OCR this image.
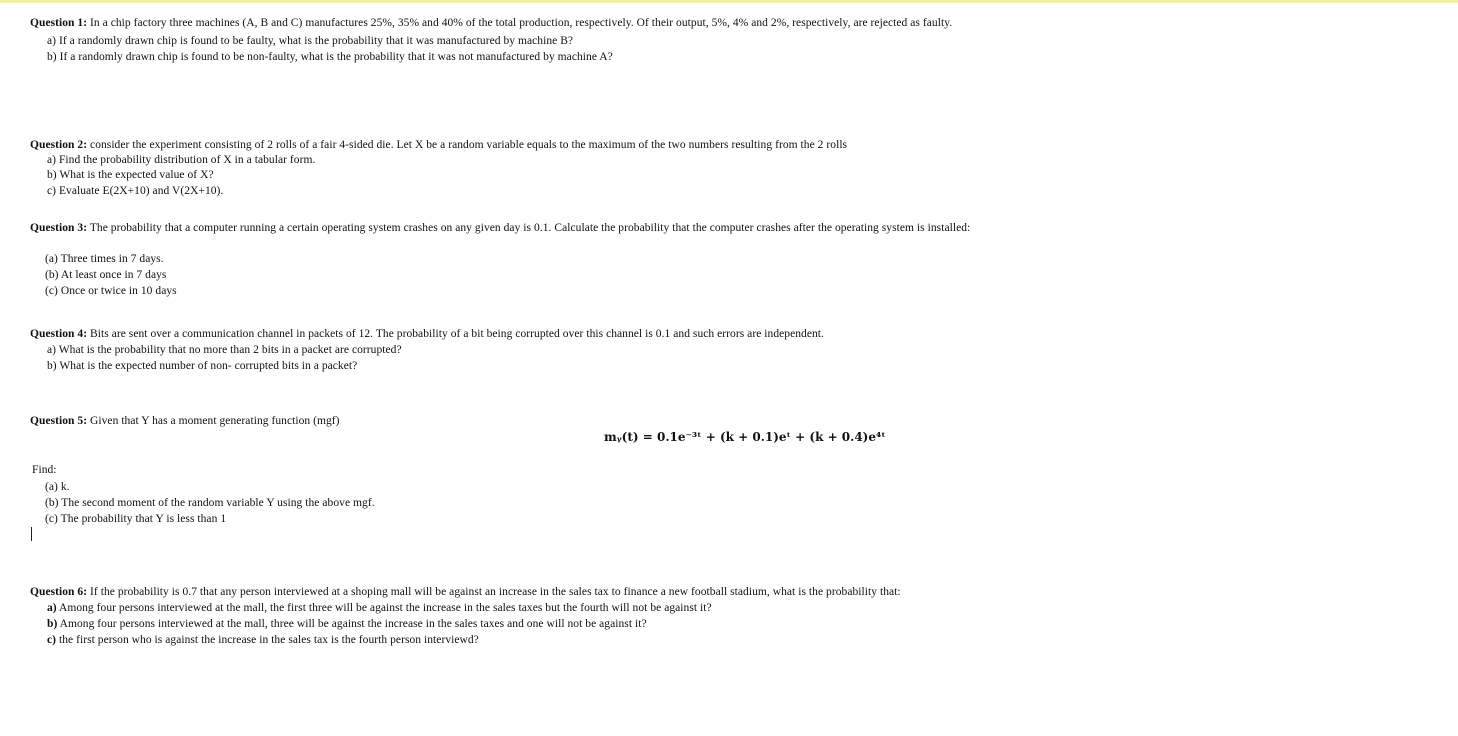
Question 1: In a chip factory three machines (A, B and C) manufactures 25%, 35% and 40% of the total production, respectively. Of their output, 5%, 4% and 2%, respectively, are rejected as faulty.
a) If a randomly drawn chip is found to be faulty, what is the probability that it was manufactured by machine B?
b) If a randomly drawn chip is found to be non-faulty, what is the probability that it was not manufactured by machine A?
Question 2: consider the experiment consisting of 2 rolls of a fair 4-sided die. Let X be a random variable equals to the maximum of the two numbers resulting from the 2 rolls
a) Find the probability distribution of X in a tabular form.
b) What is the expected value of X?
c) Evaluate E(2X+10) and V(2X+10).
Question 3: The probability that a computer running a certain operating system crashes on any given day is 0.1. Calculate the probability that the computer crashes after the operating system is installed:
(a) Three times in 7 days.
(b) At least once in 7 days
(c) Once or twice in 10 days
Question 4: Bits are sent over a communication channel in packets of 12. The probability of a bit being corrupted over this channel is 0.1 and such errors are independent.
a) What is the probability that no more than 2 bits in a packet are corrupted?
b) What is the expected number of non- corrupted bits in a packet?
Question 5: Given that Y has a moment generating function (mgf)
mᵧ(t) = 0.1e⁻³ᵗ + (k + 0.1)eᵗ + (k + 0.4)e⁴ᵗ
Find:
(a) k.
(b) The second moment of the random variable Y using the above mgf.
(c) The probability that Y is less than 1
Question 6: If the probability is 0.7 that any person interviewed at a shoping mall will be against an increase in the sales tax to finance a new football stadium, what is the probability that:
a) Among four persons interviewed at the mall, the first three will be against the increase in the sales taxes but the fourth will not be against it?
b) Among four persons interviewed at the mall, three will be against the increase in the sales taxes and one will not be against it?
c) the first person who is against the increase in the sales tax is the fourth person interviewd?
